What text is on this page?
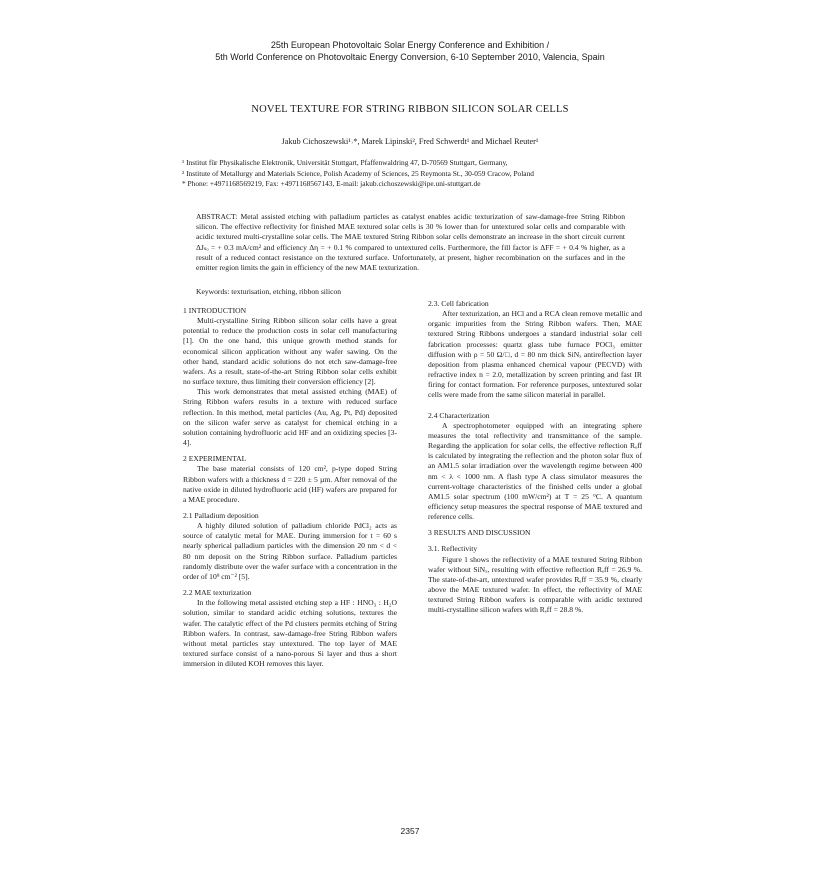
25th European Photovoltaic Solar Energy Conference and Exhibition /
5th World Conference on Photovoltaic Energy Conversion, 6-10 September 2010, Valencia, Spain
NOVEL TEXTURE FOR STRING RIBBON SILICON SOLAR CELLS
Jakub Cichoszewski¹˒*, Marek Lipinski², Fred Schwerdt¹ and Michael Reuter¹
¹ Institut für Physikalische Elektronik, Universität Stuttgart, Pfaffenwaldring 47, D-70569 Stuttgart, Germany,
² Institute of Metallurgy and Materials Science, Polish Academy of Sciences, 25 Reymonta St., 30-059 Cracow, Poland
* Phone: +4971168569219, Fax: +4971168567143, E-mail: jakub.cichoszewski@ipe.uni-stuttgart.de
ABSTRACT: Metal assisted etching with palladium particles as catalyst enables acidic texturization of saw-damage-free String Ribbon silicon. The effective reflectivity for finished MAE textured solar cells is 30 % lower than for untextured solar cells and comparable with acidic textured multi-crystalline solar cells. The MAE textured String Ribbon solar cells demonstrate an increase in the short circuit current ΔJₛₒ = + 0.3 mA/cm² and efficiency Δη = + 0.1 % compared to untextured cells. Furthermore, the fill factor is ΔFF = + 0.4 % higher, as a result of a reduced contact resistance on the textured surface. Unfortunately, at present, higher recombination on the surfaces and in the emitter region limits the gain in efficiency of the new MAE texturization.
Keywords: texturisation, etching, ribbon silicon
1 INTRODUCTION

Multi-crystalline String Ribbon silicon solar cells have a great potential to reduce the production costs in solar cell manufacturing [1]. On the one hand, this unique growth method stands for economical silicon application without any wafer sawing. On the other hand, standard acidic solutions do not etch saw-damage-free wafers. As a result, state-of-the-art String Ribbon solar cells exhibit no surface texture, thus limiting their conversion efficiency [2].

This work demonstrates that metal assisted etching (MAE) of String Ribbon wafers results in a texture with reduced surface reflection. In this method, metal particles (Au, Ag, Pt, Pd) deposited on the silicon wafer serve as catalyst for chemical etching in a solution containing hydrofluoric acid HF and an oxidizing species [3-4].

2 EXPERIMENTAL

The base material consists of 120 cm², p-type doped String Ribbon wafers with a thickness d = 220 ± 5 µm. After removal of the native oxide in diluted hydrofluoric acid (HF) wafers are prepared for a MAE procedure.

2.1 Palladium deposition

A highly diluted solution of palladium chloride PdCl₂ acts as source of catalytic metal for MAE. During immersion for t = 60 s nearly spherical palladium particles with the dimension 20 nm < d < 80 nm deposit on the String Ribbon surface. Palladium particles randomly distribute over the wafer surface with a concentration in the order of 10⁹ cm⁻² [5].

2.2 MAE texturization

In the following metal assisted etching step a HF : HNO₃ : H₂O solution, similar to standard acidic etching solutions, textures the wafer. The catalytic effect of the Pd clusters permits etching of String Ribbon wafers. In contrast, saw-damage-free String Ribbon wafers without metal particles stay untextured. The top layer of MAE textured surface consist of a nano-porous Si layer and thus a short immersion in diluted KOH removes this layer.

2.3. Cell fabrication

After texturization, an HCl and a RCA clean remove metallic and organic impurities from the String Ribbon wafers. Then, MAE textured String Ribbons undergoes a standard industrial solar cell fabrication processes: quartz glass tube furnace POCl₃ emitter diffusion with ρ = 50 Ω/□, d = 80 nm thick SiNₓ antireflection layer deposition from plasma enhanced chemical vapour (PECVD) with refractive index n = 2.0, metallization by screen printing and fast IR firing for contact formation. For reference purposes, untextured solar cells were made from the same silicon material in parallel.

2.4 Characterization

A spectrophotometer equipped with an integrating sphere measures the total reflectivity and transmittance of the sample. Regarding the application for solar cells, the effective reflection Rₑff is calculated by integrating the reflection and the photon solar flux of an AM1.5 solar irradiation over the wavelength regime between 400 nm < λ < 1000 nm. A flash type A class simulator measures the current-voltage characteristics of the finished cells under a global AM1.5 solar spectrum (100 mW/cm²) at T = 25 °C. A quantum efficiency setup measures the spectral response of MAE textured and reference cells.

3 RESULTS AND DISCUSSION
3.1. Reflectivity

Figure 1 shows the reflectivity of a MAE textured String Ribbon wafer without SiNₓ, resulting with effective reflection Rₑff = 26.9 %. The state-of-the-art, untextured wafer provides Rₑff = 35.9 %, clearly above the MAE textured wafer. In effect, the reflectivity of MAE textured String Ribbon wafers is comparable with acidic textured multi-crystalline silicon wafers with Rₑff = 28.8 %.

2357
